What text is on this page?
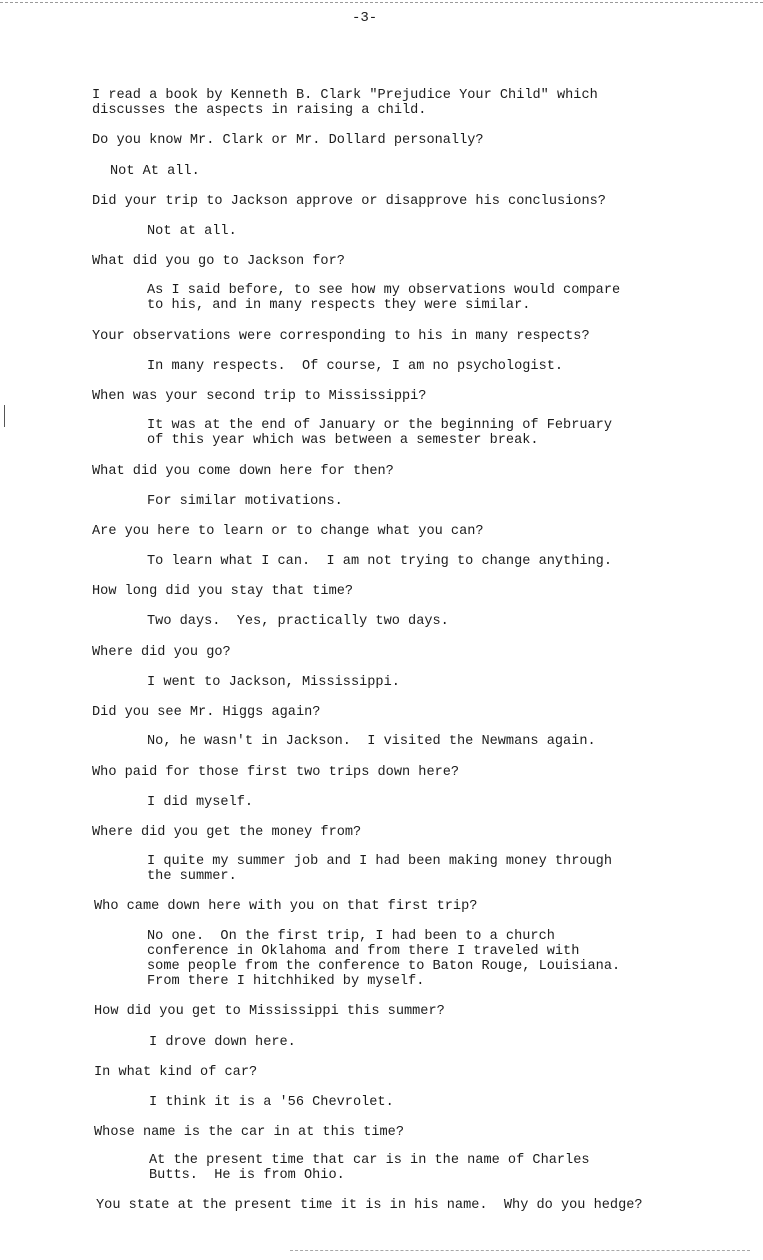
-3-

I read a book by Kenneth B. Clark "Prejudice Your Child" which
discusses the aspects in raising a child.

Do you know Mr. Clark or Mr. Dollard personally?

Not At all.

Did your trip to Jackson approve or disapprove his conclusions?

Not at all.

What did you go to Jackson for?

As I said before, to see how my observations would compare
to his, and in many respects they were similar.

Your observations were corresponding to his in many respects?

In many respects.  Of course, I am no psychologist.

When was your second trip to Mississippi?

It was at the end of January or the beginning of February
of this year which was between a semester break.

What did you come down here for then?

For similar motivations.

Are you here to learn or to change what you can?

To learn what I can.  I am not trying to change anything.

How long did you stay that time?

Two days.  Yes, practically two days.

Where did you go?

I went to Jackson, Mississippi.

Did you see Mr. Higgs again?

No, he wasn't in Jackson.  I visited the Newmans again.

Who paid for those first two trips down here?

I did myself.

Where did you get the money from?

I quite my summer job and I had been making money through
the summer.

Who came down here with you on that first trip?

No one.  On the first trip, I had been to a church
conference in Oklahoma and from there I traveled with
some people from the conference to Baton Rouge, Louisiana.
From there I hitchhiked by myself.

How did you get to Mississippi this summer?

I drove down here.

In what kind of car?

I think it is a '56 Chevrolet.

Whose name is the car in at this time?

At the present time that car is in the name of Charles
Butts.  He is from Ohio.

You state at the present time it is in his name.  Why do you hedge?
